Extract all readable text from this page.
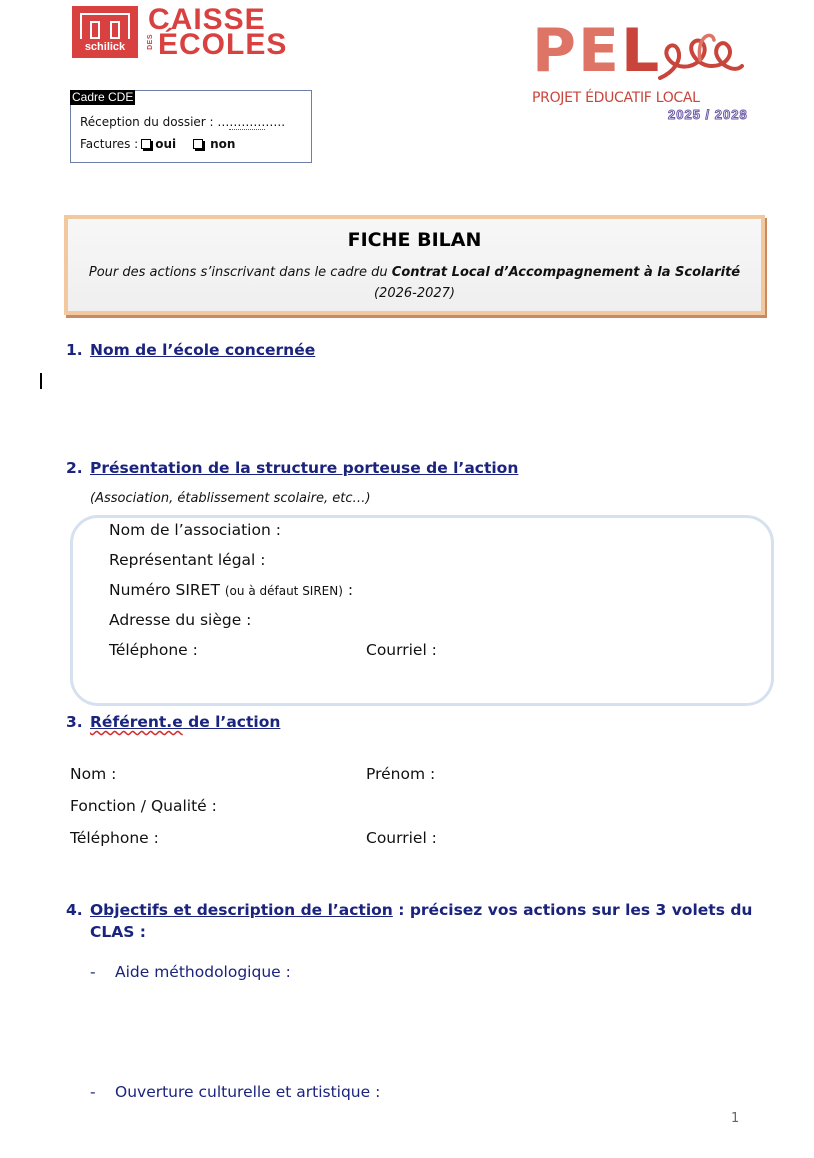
schilick
CAISSE
DES ÉCOLES	PEL
PROJET ÉDUCATIF LOCAL
2025 / 2028
Cadre CDE
Réception du dossier : ……………..
Factures : oui	non
FICHE BILAN
Pour des actions s’inscrivant dans le cadre du Contrat Local d’Accompagnement à la Scolarité
(2026-2027)
1. Nom de l’école concernée
2. Présentation de la structure porteuse de l’action
(Association, établissement scolaire, etc…)
Nom de l’association :
Représentant légal :
Numéro SIRET (ou à défaut SIREN) :
Adresse du siège :
Téléphone :	Courriel :
3. Référent.e de l’action
Nom :	Prénom :
Fonction / Qualité :
Téléphone :	Courriel :
4. Objectifs et description de l’action : précisez vos actions sur les 3 volets du
CLAS :
- Aide méthodologique :
- Ouverture culturelle et artistique :
1
